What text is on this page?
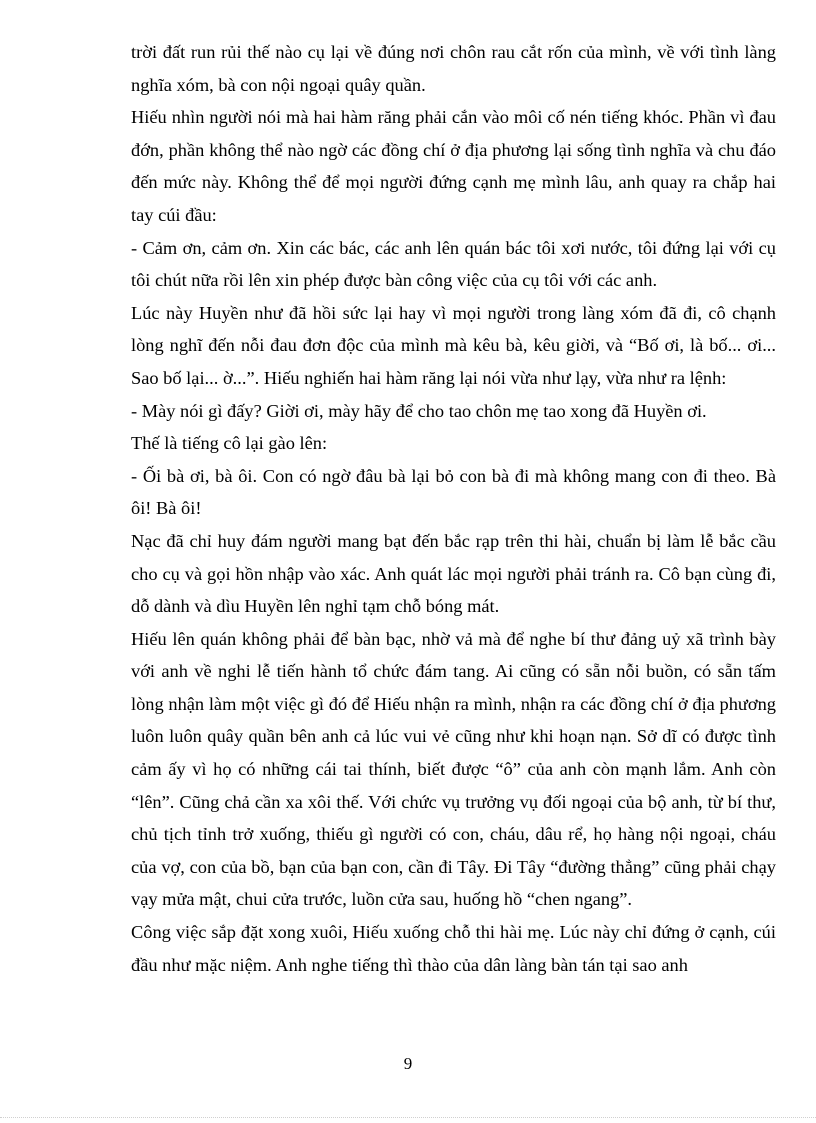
trời đất run rủi thế nào cụ lại về đúng nơi chôn rau cắt rốn của mình, về với tình làng nghĩa xóm, bà con nội ngoại quây quần.

Hiếu nhìn người nói mà hai hàm răng phải cắn vào môi cố nén tiếng khóc. Phần vì đau đớn, phần không thể nào ngờ các đồng chí ở địa phương lại sống tình nghĩa và chu đáo đến mức này. Không thể để mọi người đứng cạnh mẹ mình lâu, anh quay ra chắp hai tay cúi đầu:

- Cảm ơn, cảm ơn. Xin các bác, các anh lên quán bác tôi xơi nước, tôi đứng lại với cụ tôi chút nữa rồi lên xin phép được bàn công việc của cụ tôi với các anh.

Lúc này Huyền như đã hồi sức lại hay vì mọi người trong làng xóm đã đi, cô chạnh lòng nghĩ đến nỗi đau đơn độc của mình mà kêu bà, kêu giời, và “Bố ơi, là bố... ơi... Sao bố lại... ờ...”. Hiếu nghiến hai hàm răng lại nói vừa như lạy, vừa như ra lệnh:

- Mày nói gì đấy? Giời ơi, mày hãy để cho tao chôn mẹ tao xong đã Huyền ơi.

Thế là tiếng cô lại gào lên:

- Ối bà ơi, bà ôi. Con có ngờ đâu bà lại bỏ con bà đi mà không mang con đi theo. Bà ôi! Bà ôi!

Nạc đã chỉ huy đám người mang bạt đến bắc rạp trên thi hài, chuẩn bị làm lễ bắc cầu cho cụ và gọi hồn nhập vào xác. Anh quát lác mọi người phải tránh ra. Cô bạn cùng đi, dỗ dành và dìu Huyền lên nghỉ tạm chỗ bóng mát.

Hiếu lên quán không phải để bàn bạc, nhờ vả mà để nghe bí thư đảng uỷ xã trình bày với anh về nghi lễ tiến hành tổ chức đám tang. Ai cũng có sẵn nỗi buồn, có sẵn tấm lòng nhận làm một việc gì đó để Hiếu nhận ra mình, nhận ra các đồng chí ở địa phương luôn luôn quây quần bên anh cả lúc vui vẻ cũng như khi hoạn nạn. Sở dĩ có được tình cảm ấy vì họ có những cái tai thính, biết được “ô” của anh còn mạnh lắm. Anh còn “lên”. Cũng chả cần xa xôi thế. Với chức vụ trưởng vụ đối ngoại của bộ anh, từ bí thư, chủ tịch tỉnh trở xuống, thiếu gì người có con, cháu, dâu rể, họ hàng nội ngoại, cháu của vợ, con của bồ, bạn của bạn con, cần đi Tây. Đi Tây “đường thẳng” cũng phải chạy vạy mửa mật, chui cửa trước, luồn cửa sau, huống hồ “chen ngang”.

Công việc sắp đặt xong xuôi, Hiếu xuống chỗ thi hài mẹ. Lúc này chỉ đứng ở cạnh, cúi đầu như mặc niệm. Anh nghe tiếng thì thào của dân làng bàn tán tại sao anh

9
